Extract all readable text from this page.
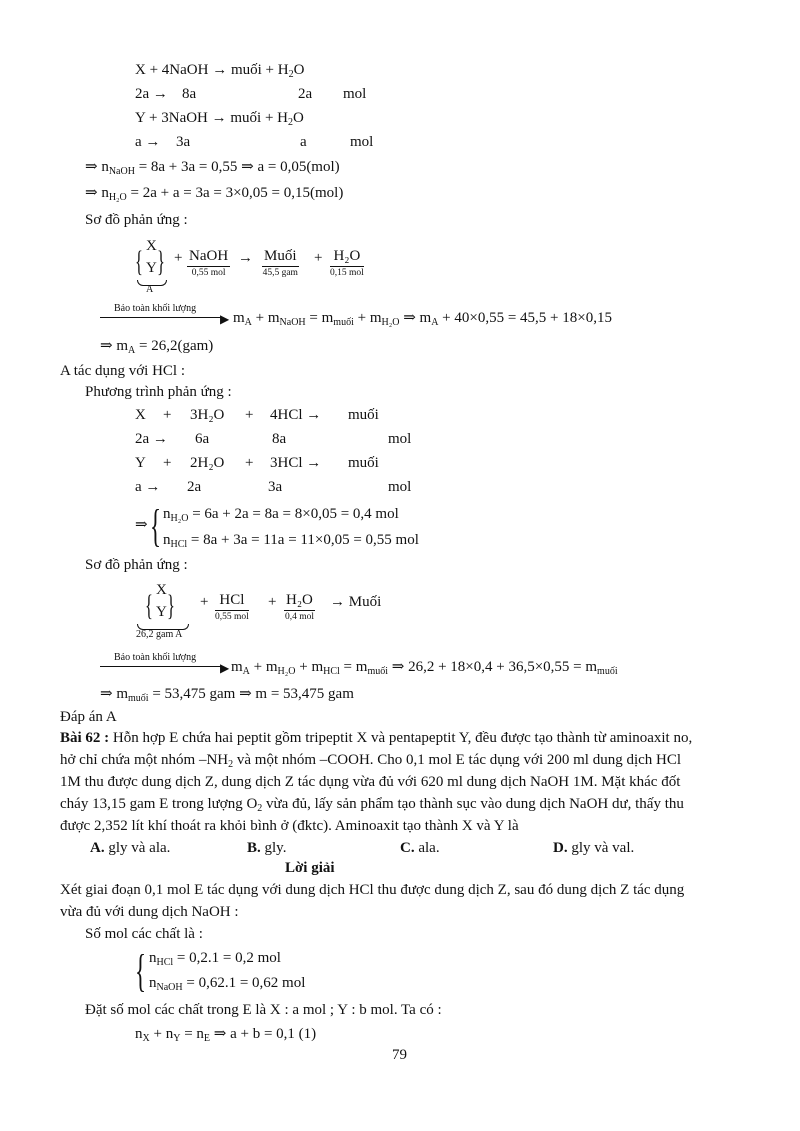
X + 4NaOH → muối + $H_2O$
2a → 8a	2a mol
Y + 3NaOH → muối + $H_2O$
a → 3a	a	mol
⇒ $n_{NaOH} = 8a + 3a = 0,55$ ⇒ a = 0,05(mol)
⇒ $n_{H_2O} = 2a + a = 3a = 3\times 0,05 = 0,15(mol)$
Sơ đồ phản ứng :
{ X
Y }
A
+ NaOH
0,55 mol
→ Muối
45,5 gam
+ H₂O
0,15 mol
Bảo toàn khối lượng
▶ $m_A + m_{NaOH} = m_{muối} + m_{H_2O}$ ⇒ $m_A + 40\times 0,55 = 45,5 + 18\times 0,15$
⇒ $m_A = 26,2(gam)$
A tác dụng với HCl :
Phương trình phản ứng :
X + 3H₂O + 4HCl → muối
2a → 6a	8a	mol
Y + 2H₂O + 3HCl → muối
a → 2a	3a	mol
⇒ { $n_{H_2O} = 6a + 2a = 8a = 8\times 0,05 = 0,4$ mol
$n_{HCl} = 8a + 3a = 11a = 11\times 0,05 = 0,55$ mol
Sơ đồ phản ứng :
{ X
Y }
26,2 gam A
+ HCl
0,55 mol
+ H₂O
0,4 mol
→ Muối
Bảo toàn khối lượng
▶ $m_A + m_{H_2O} + m_{HCl} = m_{muối}$ ⇒ $26,2 + 18\times 0,4 + 36,5\times 0,55 = m_{muối}$
⇒ $m_{muối} = 53,475$ gam ⇒ m = 53,475 gam
Đáp án A
Bài 62 : Hỗn hợp E chứa hai peptit gồm tripeptit X và pentapeptit Y, đều được tạo thành từ aminoaxit no,
hở chỉ chứa một nhóm $-NH_2$ và một nhóm –COOH. Cho 0,1 mol E tác dụng với 200 ml dung dịch HCl
1M thu được dung dịch Z, dung dịch Z tác dụng vừa đủ với 620 ml dung dịch NaOH 1M. Mặt khác đốt
cháy 13,15 gam E trong lượng $O_2$ vừa đủ, lấy sản phẩm tạo thành sục vào dung dịch NaOH dư, thấy thu
được 2,352 lít khí thoát ra khỏi bình ở (đktc). Aminoaxit tạo thành X và Y là
A. gly và ala.	B. gly.	C. ala.	D. gly và val.
Lời giải
Xét giai đoạn 0,1 mol E tác dụng với dung dịch HCl thu được dung dịch Z, sau đó dung dịch Z tác dụng
vừa đủ với dung dịch NaOH :
Số mol các chất là :
{ $n_{HCl} = 0,2.1 = 0,2$ mol
$n_{NaOH} = 0,62.1 = 0,62$ mol
Đặt số mol các chất trong E là X : a mol ; Y : b mol. Ta có :
$n_X + n_Y = n_E$ ⇒ a + b = 0,1 (1)
79
